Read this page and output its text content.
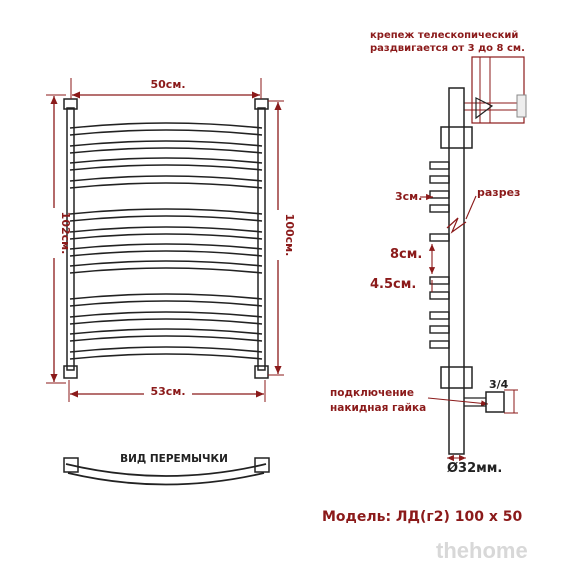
50см.
53см.
102см.	100см.
ВИД ПЕРЕМЫЧКИ
крепеж телескопический
раздвигается от 3 до 8 см.
3см.	разрез
8см.
4.5см.
подключение
накидная гайка
3/4
Ø32мм.
Модель: ЛД(г2) 100 х 50
thehome
